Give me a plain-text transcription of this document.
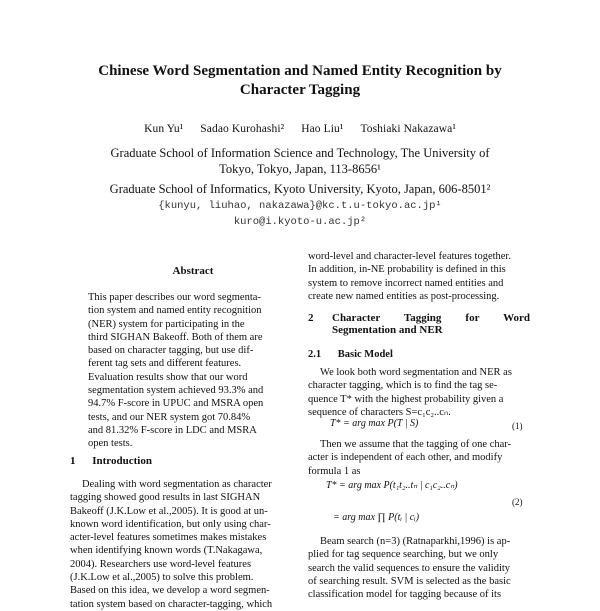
Chinese Word Segmentation and Named Entity Recognition by
Character Tagging
Kun Yu¹ Sadao Kurohashi² Hao Liu¹ Toshiaki Nakazawa¹
Graduate School of Information Science and Technology, The University of
Tokyo, Tokyo, Japan, 113-8656¹
Graduate School of Informatics, Kyoto University, Kyoto, Japan, 606-8501²
{kunyu, liuhao, nakazawa}@kc.t.u-tokyo.ac.jp¹
kuro@i.kyoto-u.ac.jp²
Abstract

This paper describes our word segmenta-

tion system and named entity recognition

(NER) system for participating in the

third SIGHAN Bakeoff. Both of them are

based on character tagging, but use dif-

ferent tag sets and different features.

Evaluation results show that our word

segmentation system achieved 93.3% and

94.7% F-score in UPUC and MSRA open

tests, and our NER system got 70.84%

and 81.32% F-score in LDC and MSRA

open tests.

1 Introduction

Dealing with word segmentation as character

tagging showed good results in last SIGHAN

Bakeoff (J.K.Low et al.,2005). It is good at un-

known word identification, but only using char-

acter-level features sometimes makes mistakes

when identifying known words (T.Nakagawa,

2004). Researchers use word-level features

(J.K.Low et al.,2005) to solve this problem.

Based on this idea, we develop a word segmen-

tation system based on character-tagging, which

word-level and character-level features together.

In addition, in-NE probability is defined in this

system to remove incorrect named entities and

create new named entities as post-processing.

2	Character Tagging for Word
Segmentation and NER
2.1 Basic Model

We look both word segmentation and NER as

character tagging, which is to find the tag se-

quence T* with the highest probability given a

sequence of characters S=c₁c₂..cₙ.

T* = arg max P(T | S)	(1)

Then we assume that the tagging of one char-

acter is independent of each other, and modify

formula 1 as

T* = arg max P(t₁t₂..tₙ | c₁c₂..cₙ)
(2)
= arg max ∏ P(tᵢ | cᵢ)

Beam search (n=3) (Ratnaparkhi,1996) is ap-

plied for tag sequence searching, but we only

search the valid sequences to ensure the validity

of searching result. SVM is selected as the basic

classification model for tagging because of its
